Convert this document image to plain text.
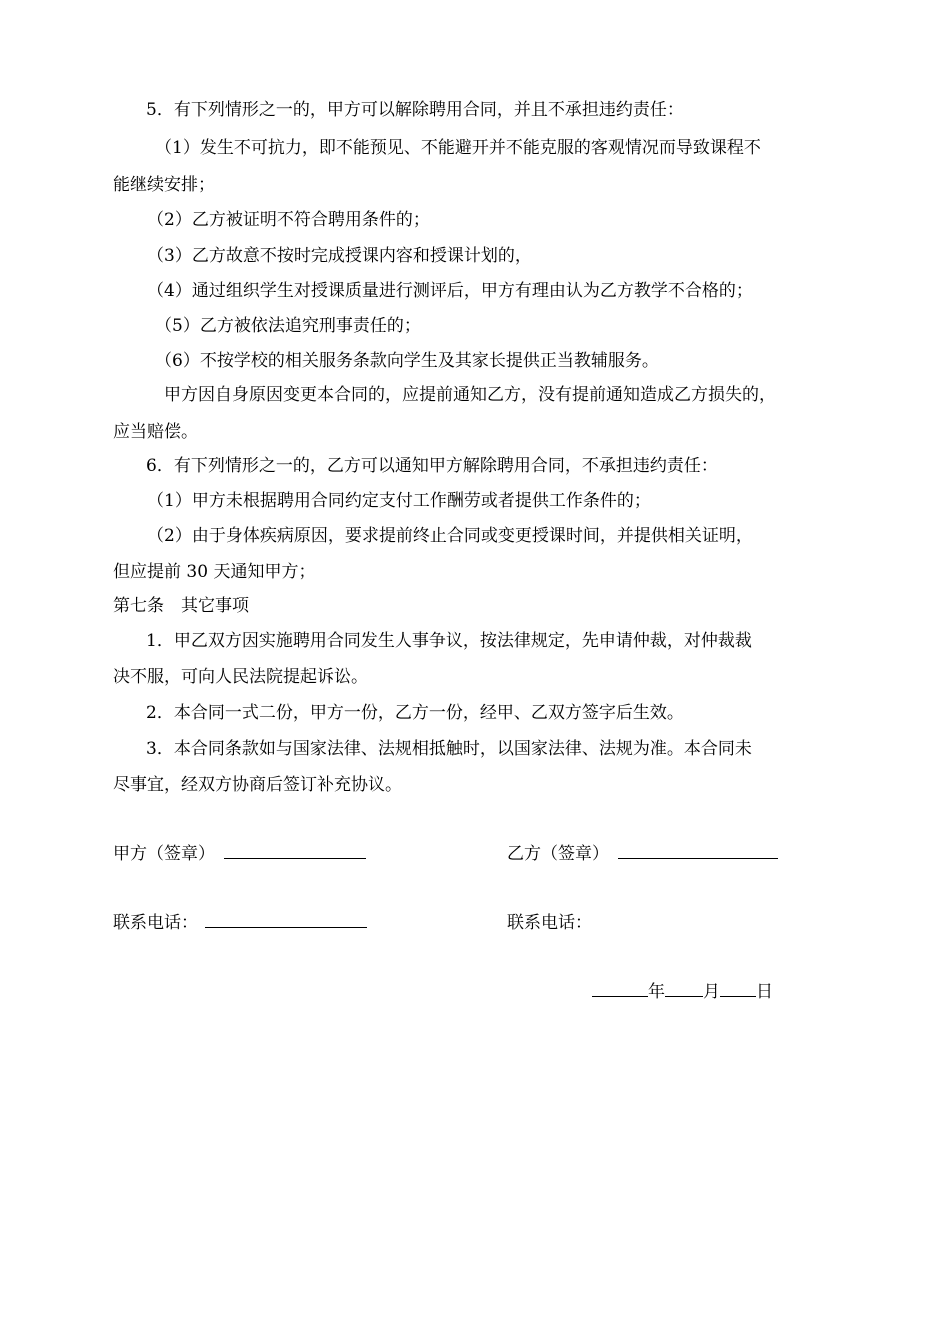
5．有下列情形之一的，甲方可以解除聘用合同，并且不承担违约责任：
（1）发生不可抗力，即不能预见、不能避开并不能克服的客观情况而导致课程不
能继续安排；
（2）乙方被证明不符合聘用条件的；
（3）乙方故意不按时完成授课内容和授课计划的，
（4）通过组织学生对授课质量进行测评后，甲方有理由认为乙方教学不合格的；
（5）乙方被依法追究刑事责任的；
（6）不按学校的相关服务条款向学生及其家长提供正当教辅服务。
甲方因自身原因变更本合同的，应提前通知乙方，没有提前通知造成乙方损失的，
应当赔偿。
6．有下列情形之一的，乙方可以通知甲方解除聘用合同，不承担违约责任：
（1）甲方未根据聘用合同约定支付工作酬劳或者提供工作条件的；
（2）由于身体疾病原因，要求提前终止合同或变更授课时间，并提供相关证明，
但应提前 30 天通知甲方；
第七条　其它事项
1．甲乙双方因实施聘用合同发生人事争议，按法律规定，先申请仲裁，对仲裁裁
决不服，可向人民法院提起诉讼。
2．本合同一式二份，甲方一份，乙方一份，经甲、乙双方签字后生效。
3．本合同条款如与国家法律、法规相抵触时，以国家法律、法规为准。本合同未
尽事宜，经双方协商后签订补充协议。
甲方（签章）	乙方（签章）
联系电话：	联系电话：
年 月 日
